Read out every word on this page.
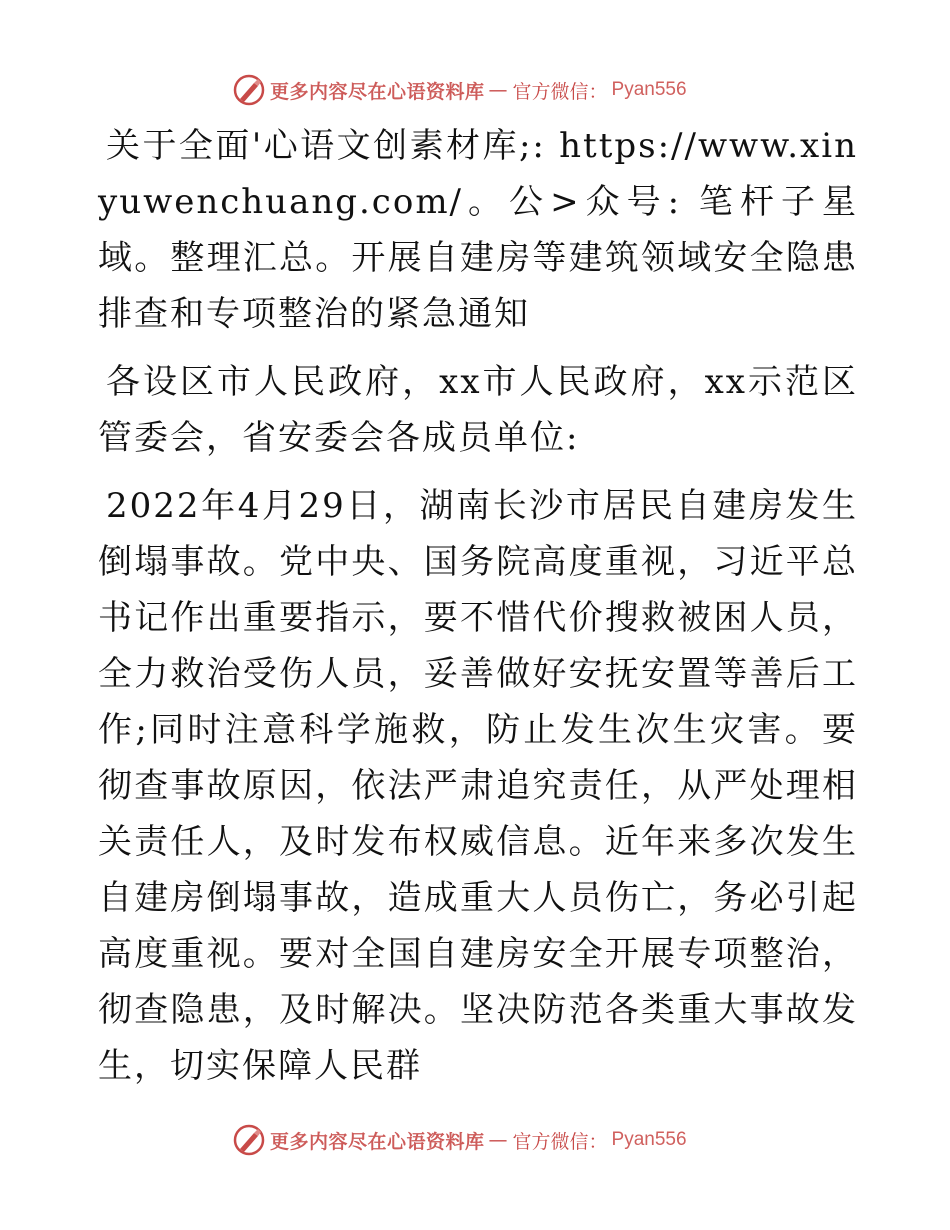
更多内容尽在心语资料库 — 官方微信： Pyan556

关于全面'心语文创素材库;: https://www.xinyuwenchuang.com/。公>众号: 笔杆子星域。整理汇总。开展自建房等建筑领域安全隐患排查和专项整治的紧急通知

各设区市人民政府，xx市人民政府，xx示范区管委会，省安委会各成员单位:

2022年4月29日，湖南长沙市居民自建房发生倒塌事故。党中央、国务院高度重视，习近平总书记作出重要指示，要不惜代价搜救被困人员，全力救治受伤人员，妥善做好安抚安置等善后工作;同时注意科学施救，防止发生次生灾害。要彻查事故原因，依法严肃追究责任，从严处理相关责任人，及时发布权威信息。近年来多次发生自建房倒塌事故，造成重大人员伤亡，务必引起高度重视。要对全国自建房安全开展专项整治，彻查隐患，及时解决。坚决防范各类重大事故发生，切实保障人民群

更多内容尽在心语资料库 — 官方微信： Pyan556
